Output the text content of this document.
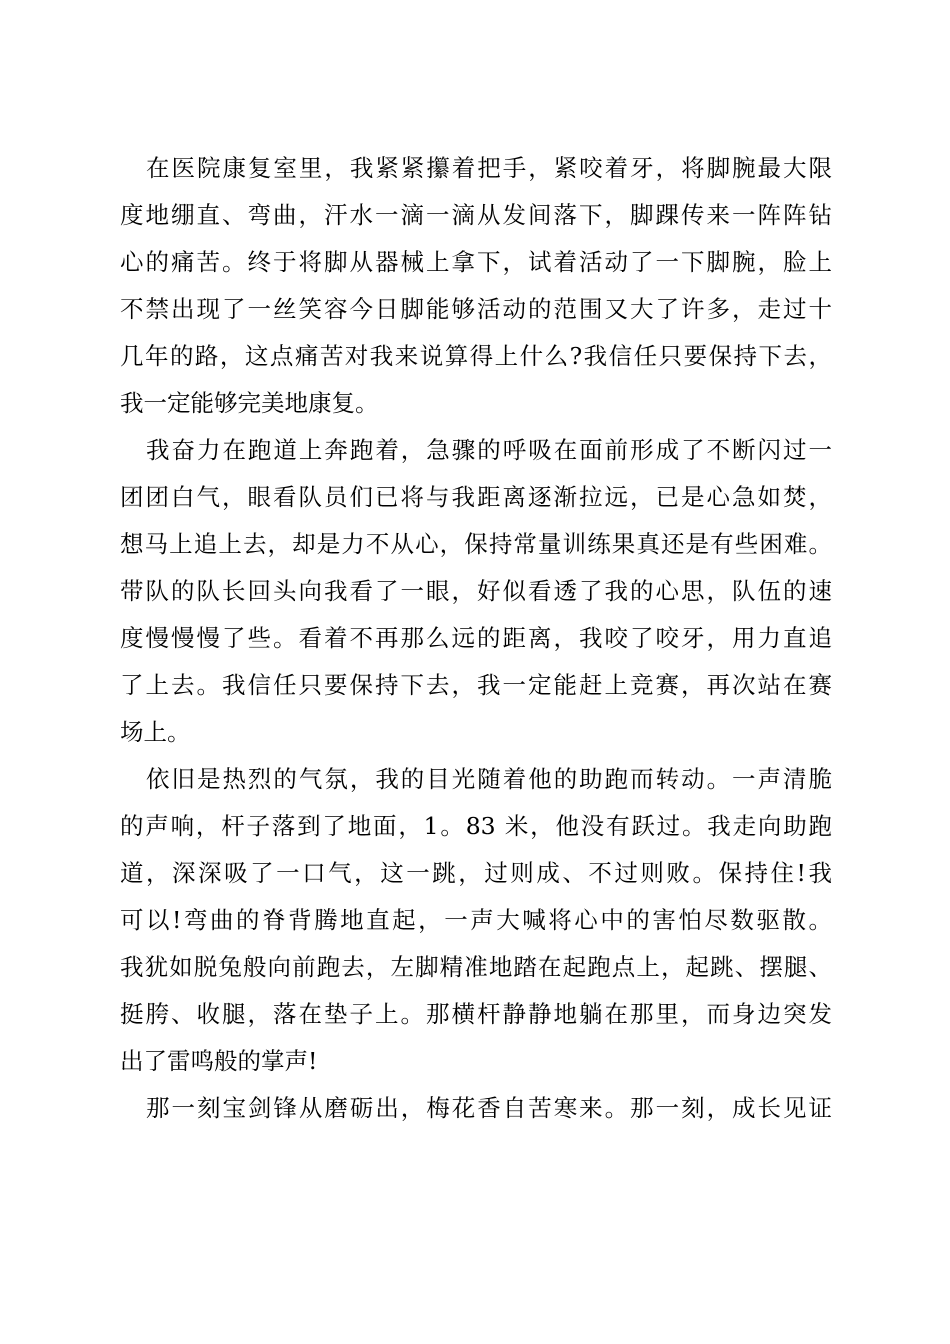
在医院康复室里，我紧紧攥着把手，紧咬着牙，将脚腕最大限
度地绷直、弯曲，汗水一滴一滴从发间落下，脚踝传来一阵阵钻
心的痛苦。终于将脚从器械上拿下，试着活动了一下脚腕，脸上
不禁出现了一丝笑容今日脚能够活动的范围又大了许多，走过十
几年的路，这点痛苦对我来说算得上什么?我信任只要保持下去，
我一定能够完美地康复。
我奋力在跑道上奔跑着，急骤的呼吸在面前形成了不断闪过一
团团白气，眼看队员们已将与我距离逐渐拉远，已是心急如焚，
想马上追上去，却是力不从心，保持常量训练果真还是有些困难。
带队的队长回头向我看了一眼，好似看透了我的心思，队伍的速
度慢慢慢了些。看着不再那么远的距离，我咬了咬牙，用力直追
了上去。我信任只要保持下去，我一定能赶上竞赛，再次站在赛
场上。
依旧是热烈的气氛，我的目光随着他的助跑而转动。一声清脆
的声响，杆子落到了地面，1。83 米，他没有跃过。我走向助跑
道，深深吸了一口气，这一跳，过则成、不过则败。保持住!我
可以!弯曲的脊背腾地直起，一声大喊将心中的害怕尽数驱散。
我犹如脱兔般向前跑去，左脚精准地踏在起跑点上，起跳、摆腿、
挺胯、收腿，落在垫子上。那横杆静静地躺在那里，而身边突发
出了雷鸣般的掌声!
那一刻宝剑锋从磨砺出，梅花香自苦寒来。那一刻，成长见证
